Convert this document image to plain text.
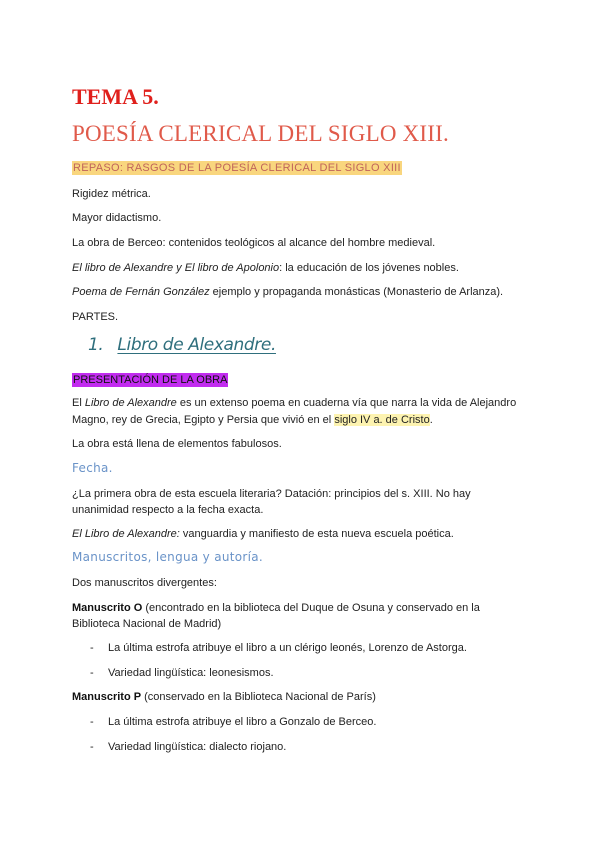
TEMA 5.
POESÍA CLERICAL DEL SIGLO XIII.
REPASO: RASGOS DE LA POESÍA CLERICAL DEL SIGLO XIII
Rigidez métrica.
Mayor didactismo.
La obra de Berceo: contenidos teológicos al alcance del hombre medieval.
El libro de Alexandre y El libro de Apolonio: la educación de los jóvenes nobles.
Poema de Fernán González ejemplo y propaganda monásticas (Monasterio de Arlanza).
PARTES.
1. Libro de Alexandre.
PRESENTACIÓN DE LA OBRA
El Libro de Alexandre es un extenso poema en cuaderna vía que narra la vida de Alejandro
Magno, rey de Grecia, Egipto y Persia que vivió en el siglo IV a. de Cristo.
La obra está llena de elementos fabulosos.
Fecha.
¿La primera obra de esta escuela literaria? Datación: principios del s. XIII. No hay
unanimidad respecto a la fecha exacta.
El Libro de Alexandre: vanguardia y manifiesto de esta nueva escuela poética.
Manuscritos, lengua y autoría.
Dos manuscritos divergentes:
Manuscrito O (encontrado en la biblioteca del Duque de Osuna y conservado en la
Biblioteca Nacional de Madrid)
- La última estrofa atribuye el libro a un clérigo leonés, Lorenzo de Astorga.
- Variedad lingüística: leonesismos.
Manuscrito P (conservado en la Biblioteca Nacional de París)
- La última estrofa atribuye el libro a Gonzalo de Berceo.
- Variedad lingüística: dialecto riojano.
